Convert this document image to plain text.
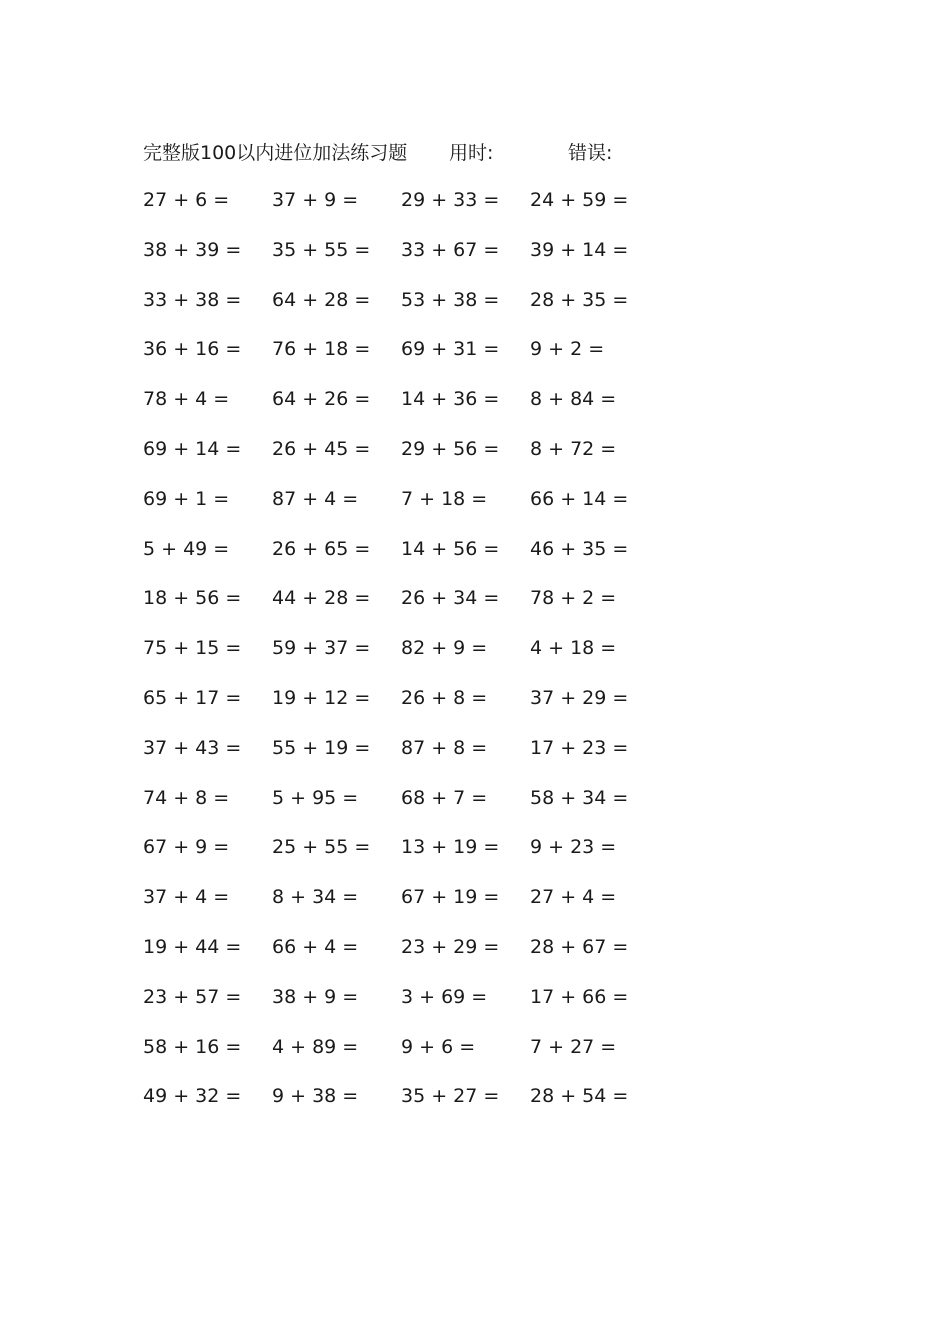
完整版100以内进位加法练习题	用时:	错误:
27 + 6 = 37 + 9 = 29 + 33 = 24 + 59 =
38 + 39 = 35 + 55 = 33 + 67 = 39 + 14 =
33 + 38 = 64 + 28 = 53 + 38 = 28 + 35 =
36 + 16 = 76 + 18 = 69 + 31 = 9 + 2 =
78 + 4 = 64 + 26 = 14 + 36 = 8 + 84 =
69 + 14 = 26 + 45 = 29 + 56 = 8 + 72 =
69 + 1 = 87 + 4 = 7 + 18 = 66 + 14 =
5 + 49 = 26 + 65 = 14 + 56 = 46 + 35 =
18 + 56 = 44 + 28 = 26 + 34 = 78 + 2 =
75 + 15 = 59 + 37 = 82 + 9 = 4 + 18 =
65 + 17 = 19 + 12 = 26 + 8 = 37 + 29 =
37 + 43 = 55 + 19 = 87 + 8 = 17 + 23 =
74 + 8 = 5 + 95 = 68 + 7 = 58 + 34 =
67 + 9 = 25 + 55 = 13 + 19 = 9 + 23 =
37 + 4 = 8 + 34 = 67 + 19 = 27 + 4 =
19 + 44 = 66 + 4 = 23 + 29 = 28 + 67 =
23 + 57 = 38 + 9 = 3 + 69 = 17 + 66 =
58 + 16 = 4 + 89 = 9 + 6 =	7 + 27 =
49 + 32 = 9 + 38 = 35 + 27 = 28 + 54 =
